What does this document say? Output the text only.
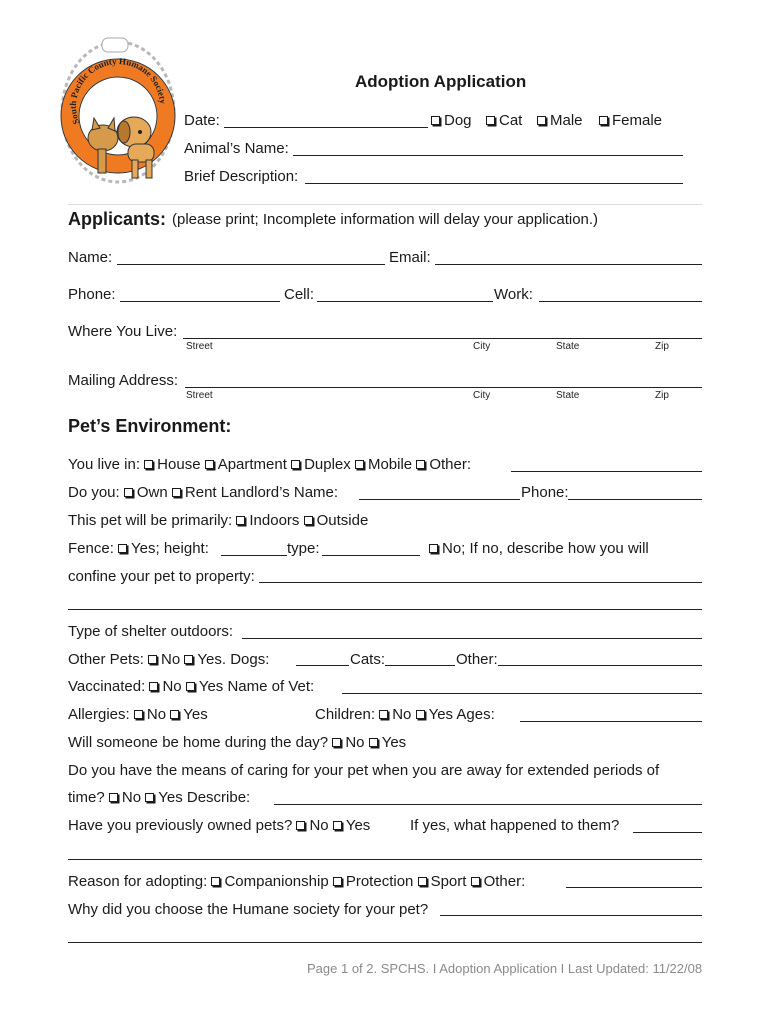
South Pacific County Humane Society
Adoption Application
Date:	Dog	Cat	Male	Female
Animal’s Name:
Brief Description:
Applicants: (please print; Incomplete information will delay your application.)
Name:	Email:
Phone:	Cell:	Work:
Where You Live:
Street	City	State	Zip
Mailing Address:
Street	City	State	Zip
Pet’s Environment:
You live in: House Apartment Duplex Mobile Other:
Do you: Own Rent Landlord’s Name:	Phone:
This pet will be primarily: Indoors Outside
Fence: Yes; height:	type:	No; If no, describe how you will
confine your pet to property:
Type of shelter outdoors:
Other Pets: No Yes. Dogs:	Cats:	Other:
Vaccinated: No Yes Name of Vet:
Allergies: No Yes	Children: No Yes Ages:
Will someone be home during the day? No Yes
Do you have the means of caring for your pet when you are away for extended periods of
time? No Yes Describe:
Have you previously owned pets? No Yes	If yes, what happened to them?
Reason for adopting: Companionship Protection Sport Other:
Why did you choose the Humane society for your pet?
Page 1 of 2. SPCHS. I Adoption Application I Last Updated: 11/22/08
